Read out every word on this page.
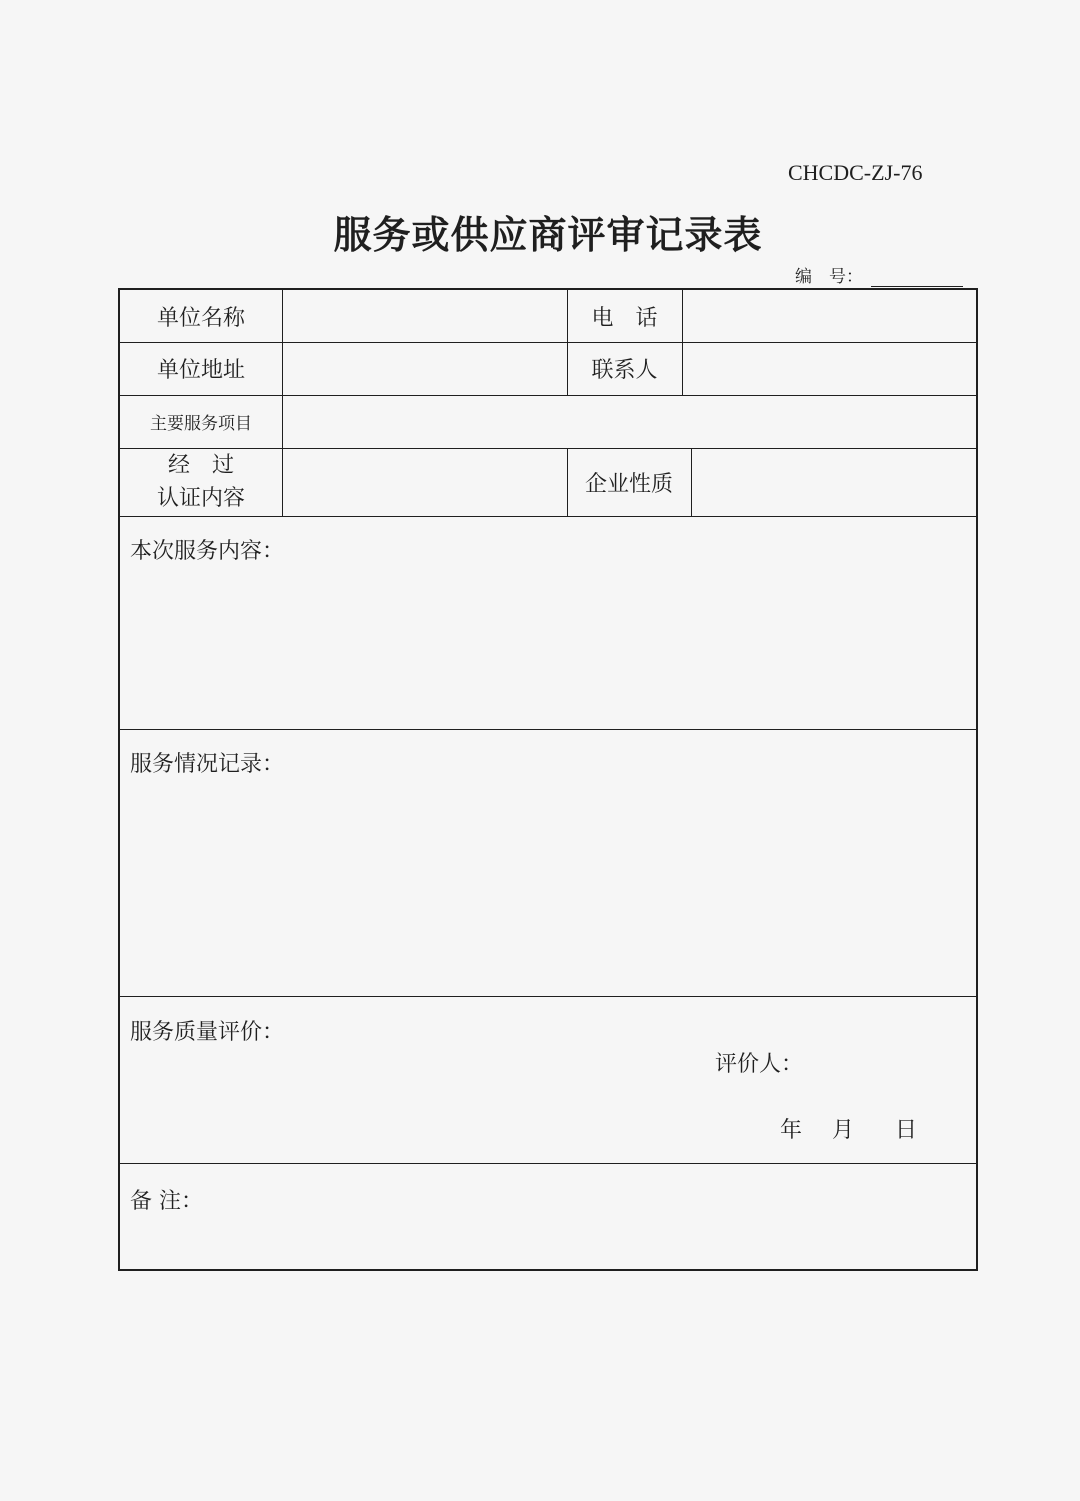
CHCDC-ZJ-76
服务或供应商评审记录表
编　号：
单位名称	电　话
单位地址	联系人
主要服务项目
经　过
认证内容
企业性质
本次服务内容：
服务情况记录：
服务质量评价：
评价人：
年 月 日
备 注：
